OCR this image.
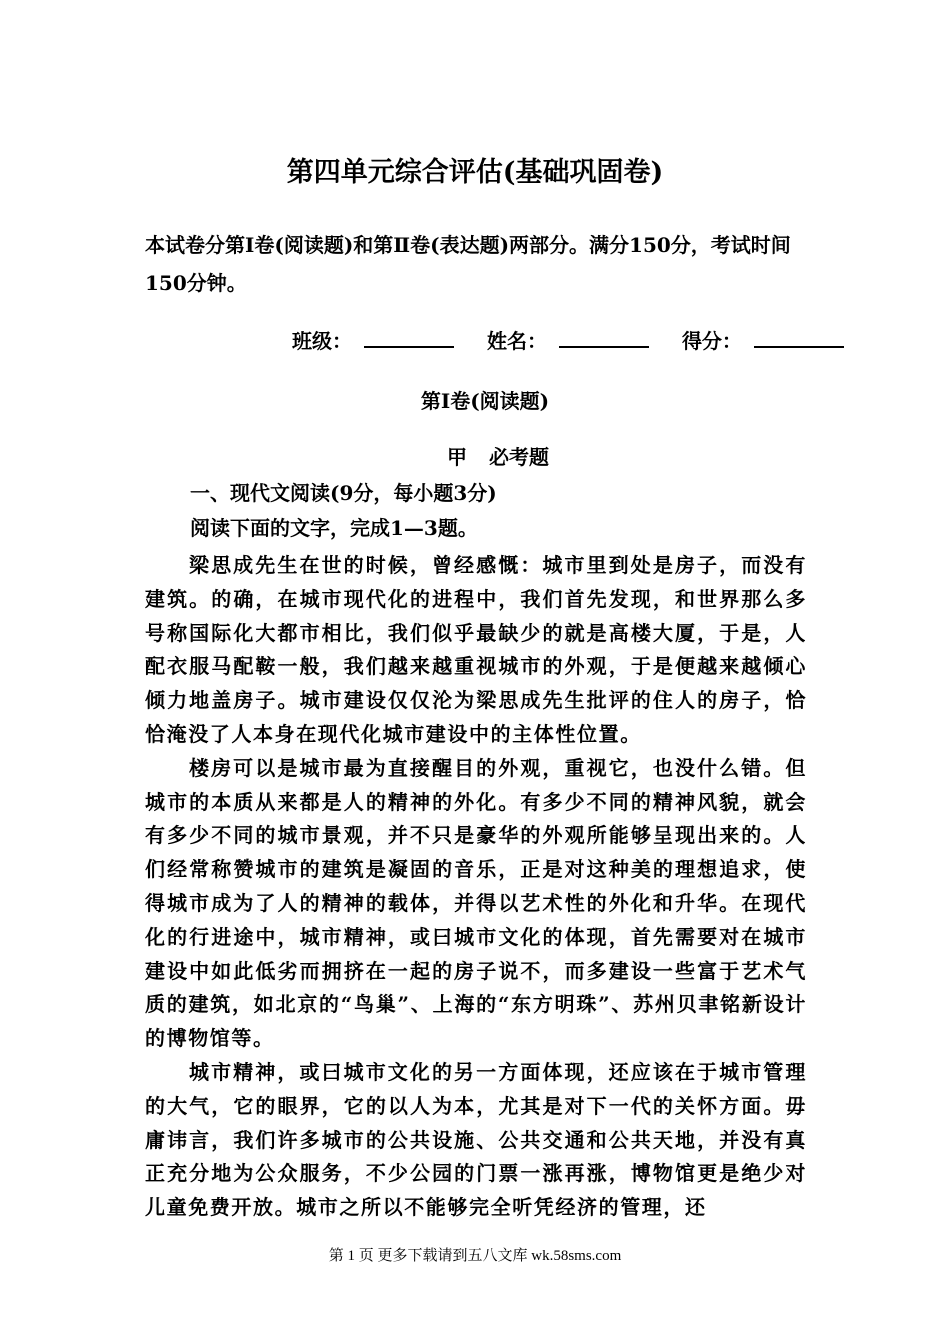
第四单元综合评估(基础巩固卷)
本试卷分第Ⅰ卷(阅读题)和第Ⅱ卷(表达题)两部分。满分150分，考试时间150分钟。
班级：	姓名：	得分：
第Ⅰ卷(阅读题)
甲 必考题
一、现代文阅读(9分，每小题3分)
阅读下面的文字，完成1—3题。

梁思成先生在世的时候，曾经感慨：城市里到处是房子，而没有建筑。的确，在城市现代化的进程中，我们首先发现，和世界那么多号称国际化大都市相比，我们似乎最缺少的就是高楼大厦，于是，人配衣服马配鞍一般，我们越来越重视城市的外观，于是便越来越倾心倾力地盖房子。城市建设仅仅沦为梁思成先生批评的住人的房子，恰恰淹没了人本身在现代化城市建设中的主体性位置。

楼房可以是城市最为直接醒目的外观，重视它，也没什么错。但城市的本质从来都是人的精神的外化。有多少不同的精神风貌，就会有多少不同的城市景观，并不只是豪华的外观所能够呈现出来的。人们经常称赞城市的建筑是凝固的音乐，正是对这种美的理想追求，使得城市成为了人的精神的载体，并得以艺术性的外化和升华。在现代化的行进途中，城市精神，或曰城市文化的体现，首先需要对在城市建设中如此低劣而拥挤在一起的房子说不，而多建设一些富于艺术气质的建筑，如北京的“鸟巢”、上海的“东方明珠”、苏州贝聿铭新设计的博物馆等。

城市精神，或曰城市文化的另一方面体现，还应该在于城市管理的大气，它的眼界，它的以人为本，尤其是对下一代的关怀方面。毋庸讳言，我们许多城市的公共设施、公共交通和公共天地，并没有真正充分地为公众服务，不少公园的门票一涨再涨，博物馆更是绝少对儿童免费开放。城市之所以不能够完全听凭经济的管理，还

第 1 页 更多下载请到五八文库 wk.58sms.com
